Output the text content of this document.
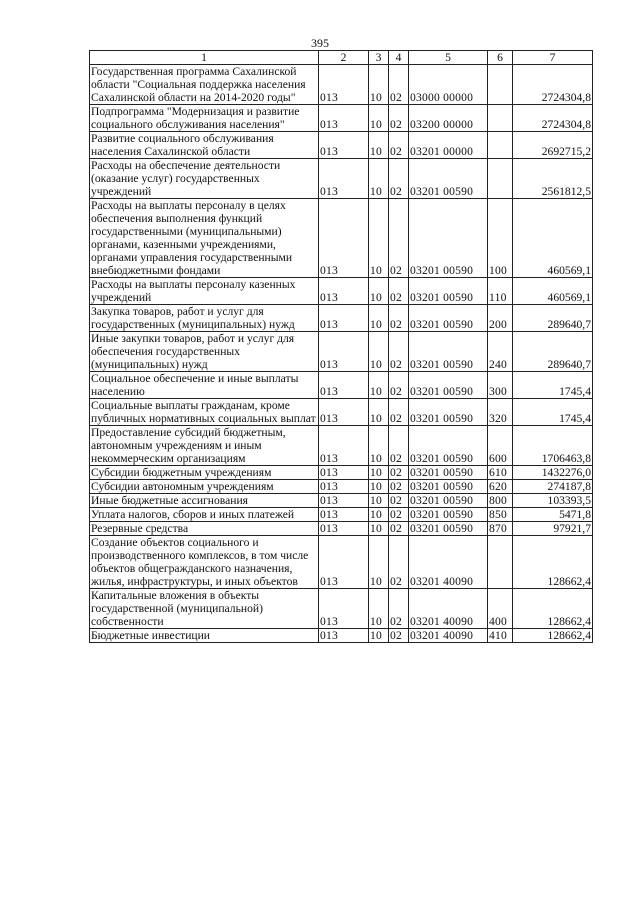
395
1	2	3	4	5	6	7
Государственная программа Сахалинской области "Социальная поддержка населения Сахалинской области на 2014-2020 годы"	013	10	02	03000 00000		2724304,8
Подпрограмма "Модернизация и развитие социального обслуживания населения"	013	10	02	03200 00000		2724304,8
Развитие социального обслуживания населения Сахалинской области	013	10	02	03201 00000		2692715,2
Расходы на обеспечение деятельности (оказание услуг) государственных учреждений	013	10	02	03201 00590		2561812,5
Расходы на выплаты персоналу в целях обеспечения выполнения функций государственными (муниципальными) органами, казенными учреждениями, органами управления государственными внебюджетными фондами	013	10	02	03201 00590	100	460569,1
Расходы на выплаты персоналу казенных учреждений	013	10	02	03201 00590	110	460569,1
Закупка товаров, работ и услуг для государственных (муниципальных) нужд	013	10	02	03201 00590	200	289640,7
Иные закупки товаров, работ и услуг для обеспечения государственных (муниципальных) нужд	013	10	02	03201 00590	240	289640,7
Социальное обеспечение и иные выплаты населению	013	10	02	03201 00590	300	1745,4
Социальные выплаты гражданам, кроме публичных нормативных социальных выплат	013	10	02	03201 00590	320	1745,4
Предоставление субсидий бюджетным, автономным учреждениям и иным некоммерческим организациям	013	10	02	03201 00590	600	1706463,8
Субсидии бюджетным учреждениям	013	10	02	03201 00590	610	1432276,0
Субсидии автономным учреждениям	013	10	02	03201 00590	620	274187,8
Иные бюджетные ассигнования	013	10	02	03201 00590	800	103393,5
Уплата налогов, сборов и иных платежей	013	10	02	03201 00590	850	5471,8
Резервные средства	013	10	02	03201 00590	870	97921,7
Создание объектов социального и производственного комплексов, в том числе объектов общегражданского назначения, жилья, инфраструктуры, и иных объектов	013	10	02	03201 40090		128662,4
Капитальные вложения в объекты государственной (муниципальной) собственности	013	10	02	03201 40090	400	128662,4
Бюджетные инвестиции	013	10	02	03201 40090	410	128662,4
